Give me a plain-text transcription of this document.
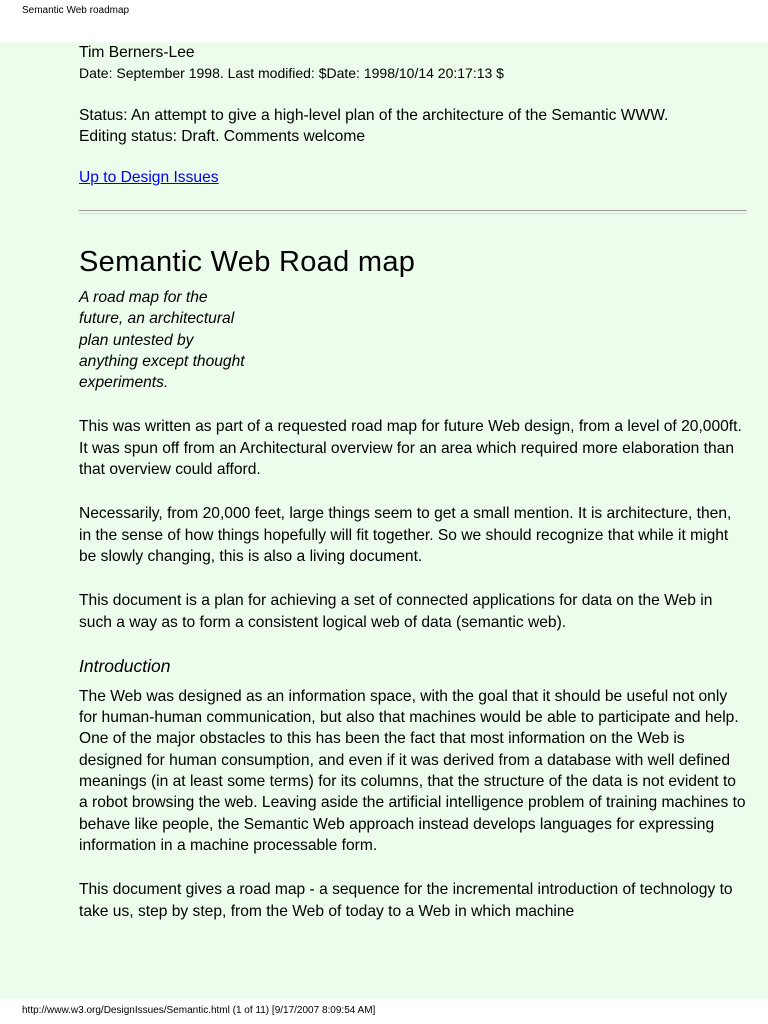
Semantic Web roadmap
Tim Berners-Lee
Date: September 1998. Last modified: $Date: 1998/10/14 20:17:13 $
Status: An attempt to give a high-level plan of the architecture of the Semantic WWW.
Editing status: Draft. Comments welcome
Up to Design Issues
Semantic Web Road map
A road map for the future, an architectural plan untested by anything except thought experiments.

This was written as part of a requested road map for future Web design, from a level of 20,000ft. It was spun off from an Architectural overview for an area which required more elaboration than that overview could afford.

Necessarily, from 20,000 feet, large things seem to get a small mention. It is architecture, then, in the sense of how things hopefully will fit together. So we should recognize that while it might be slowly changing, this is also a living document.

This document is a plan for achieving a set of connected applications for data on the Web in such a way as to form a consistent logical web of data (semantic web).

Introduction

The Web was designed as an information space, with the goal that it should be useful not only for human-human communication, but also that machines would be able to participate and help. One of the major obstacles to this has been the fact that most information on the Web is designed for human consumption, and even if it was derived from a database with well defined meanings (in at least some terms) for its columns, that the structure of the data is not evident to a robot browsing the web. Leaving aside the artificial intelligence problem of training machines to behave like people, the Semantic Web approach instead develops languages for expressing information in a machine processable form.

This document gives a road map - a sequence for the incremental introduction of technology to take us, step by step, from the Web of today to a Web in which machine

http://www.w3.org/DesignIssues/Semantic.html (1 of 11) [9/17/2007 8:09:54 AM]
